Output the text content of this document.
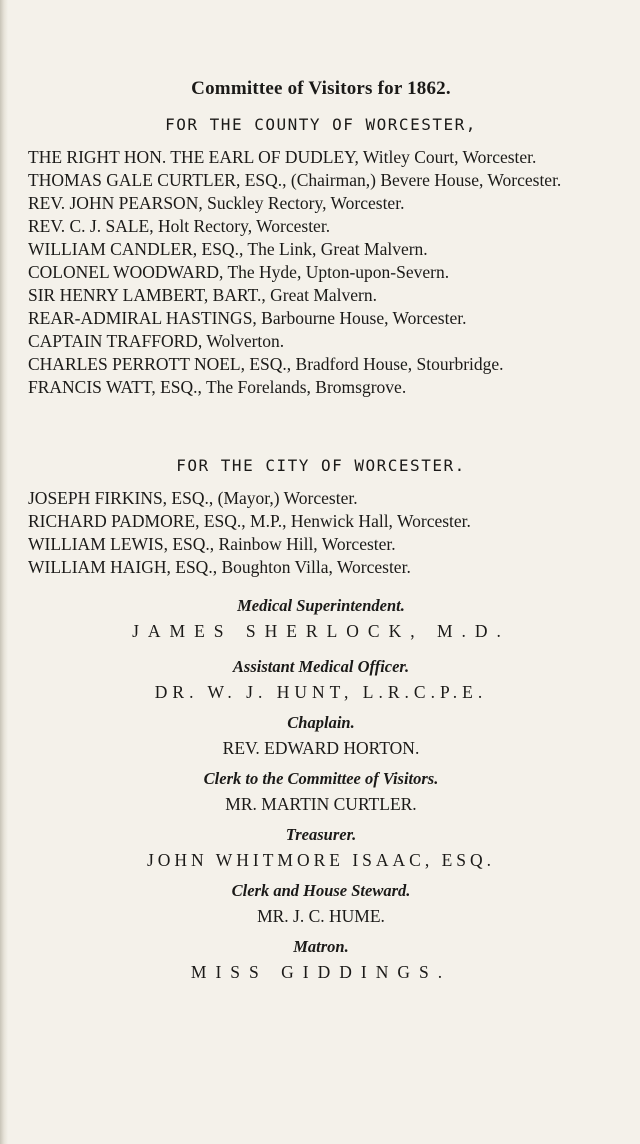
Committee of Visitors for 1862.
FOR THE COUNTY OF WORCESTER,
THE RIGHT HON. THE EARL OF DUDLEY, Witley Court, Worcester.
THOMAS GALE CURTLER, ESQ., (Chairman,) Bevere House, Worcester.
REV. JOHN PEARSON, Suckley Rectory, Worcester.
REV. C. J. SALE, Holt Rectory, Worcester.
WILLIAM CANDLER, ESQ., The Link, Great Malvern.
COLONEL WOODWARD, The Hyde, Upton-upon-Severn.
SIR HENRY LAMBERT, BART., Great Malvern.
REAR-ADMIRAL HASTINGS, Barbourne House, Worcester.
CAPTAIN TRAFFORD, Wolverton.
CHARLES PERROTT NOEL, ESQ., Bradford House, Stourbridge.
FRANCIS WATT, ESQ., The Forelands, Bromsgrove.
FOR THE CITY OF WORCESTER.
JOSEPH FIRKINS, ESQ., (Mayor,) Worcester.
RICHARD PADMORE, ESQ., M.P., Henwick Hall, Worcester.
WILLIAM LEWIS, ESQ., Rainbow Hill, Worcester.
WILLIAM HAIGH, ESQ., Boughton Villa, Worcester.
Medical Superintendent.
JAMES SHERLOCK, M.D.
Assistant Medical Officer.
DR. W. J. HUNT, L.R.C.P.E.
Chaplain.
REV. EDWARD HORTON.
Clerk to the Committee of Visitors.
MR. MARTIN CURTLER.
Treasurer.
JOHN WHITMORE ISAAC, ESQ.
Clerk and House Steward.
MR. J. C. HUME.
Matron.
MISS GIDDINGS.
